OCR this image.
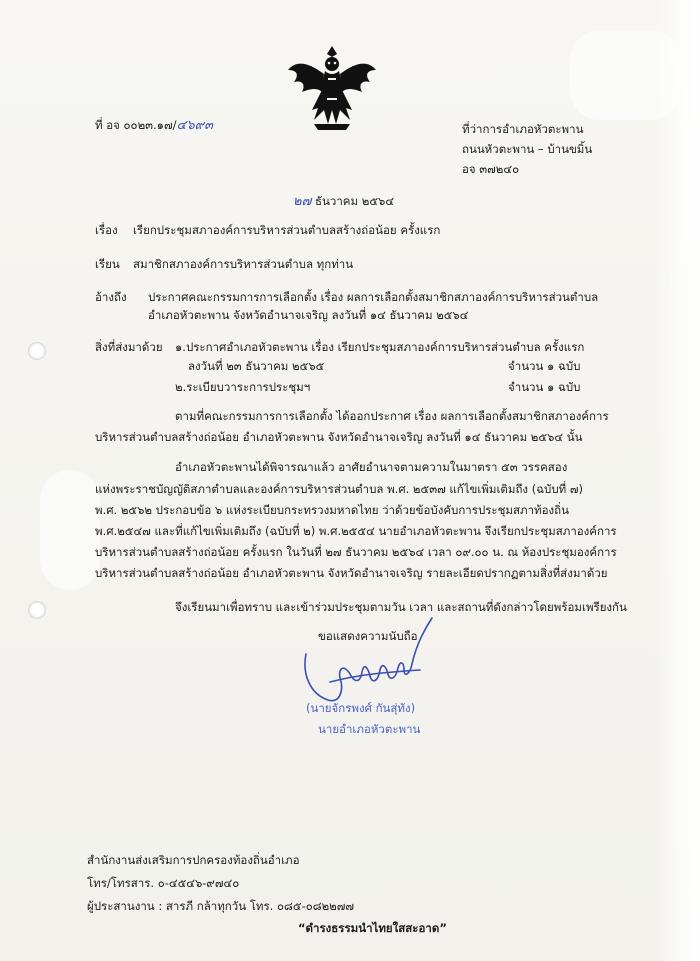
ที่ อจ ๐๐๒๓.๑๗/๔๖๙๓	ที่ว่าการอำเภอหัวตะพาน
ถนนหัวตะพาน – บ้านขมิ้น
อจ ๓๗๒๔๐
๒๗ ธันวาคม ๒๕๖๔
เรื่อง เรียกประชุมสภาองค์การบริหารส่วนตำบลสร้างถ่อน้อย ครั้งแรก
เรียน สมาชิกสภาองค์การบริหารส่วนตำบล ทุกท่าน
อ้างถึง ประกาศคณะกรรมการการเลือกตั้ง เรื่อง ผลการเลือกตั้งสมาชิกสภาองค์การบริหารส่วนตำบล
อำเภอหัวตะพาน จังหวัดอำนาจเจริญ ลงวันที่ ๑๔ ธันวาคม ๒๕๖๔
สิ่งที่ส่งมาด้วย ๑.ประกาศอำเภอหัวตะพาน เรื่อง เรียกประชุมสภาองค์การบริหารส่วนตำบล ครั้งแรก
ลงวันที่ ๒๓ ธันวาคม ๒๕๖๕	จำนวน ๑ ฉบับ
๒.ระเบียบวาระการประชุมฯ	จำนวน ๑ ฉบับ
ตามที่คณะกรรมการการเลือกตั้ง ได้ออกประกาศ เรื่อง ผลการเลือกตั้งสมาชิกสภาองค์การ
บริหารส่วนตำบลสร้างถ่อน้อย อำเภอหัวตะพาน จังหวัดอำนาจเจริญ ลงวันที่ ๑๔ ธันวาคม ๒๕๖๔ นั้น
อำเภอหัวตะพานได้พิจารณาแล้ว อาศัยอำนาจตามความในมาตรา ๕๓ วรรคสอง
แห่งพระราชบัญญัติสภาตำบลและองค์การบริหารส่วนตำบล พ.ศ. ๒๕๓๗ แก้ไขเพิ่มเติมถึง (ฉบับที่ ๗)
พ.ศ. ๒๕๖๒ ประกอบข้อ ๖ แห่งระเบียบกระทรวงมหาดไทย ว่าด้วยข้อบังคับการประชุมสภาท้องถิ่น
พ.ศ.๒๕๔๗ และที่แก้ไขเพิ่มเติมถึง (ฉบับที่ ๒) พ.ศ.๒๕๕๔ นายอำเภอหัวตะพาน จึงเรียกประชุมสภาองค์การ
บริหารส่วนตำบลสร้างถ่อน้อย ครั้งแรก ในวันที่ ๒๗ ธันวาคม ๒๕๖๔ เวลา ๐๙.๐๐ น. ณ ห้องประชุมองค์การ
บริหารส่วนตำบลสร้างถ่อน้อย อำเภอหัวตะพาน จังหวัดอำนาจเจริญ รายละเอียดปรากฏตามสิ่งที่ส่งมาด้วย
จึงเรียนมาเพื่อทราบ และเข้าร่วมประชุมตามวัน เวลา และสถานที่ดังกล่าวโดยพร้อมเพรียงกัน
ขอแสดงความนับถือ
(นายจักรพงศ์ กันสุ่ทัง)
นายอำเภอหัวตะพาน
สำนักงานส่งเสริมการปกครองท้องถิ่นอำเภอ
โทร/โทรสาร. ๐-๔๕๔๖-๙๗๔๐
ผู้ประสานงาน : สารภี กล้าทุกวัน โทร. ๐๘๕-๐๘๒๒๗๗
“ดำรงธรรมนำไทยใสสะอาด”
